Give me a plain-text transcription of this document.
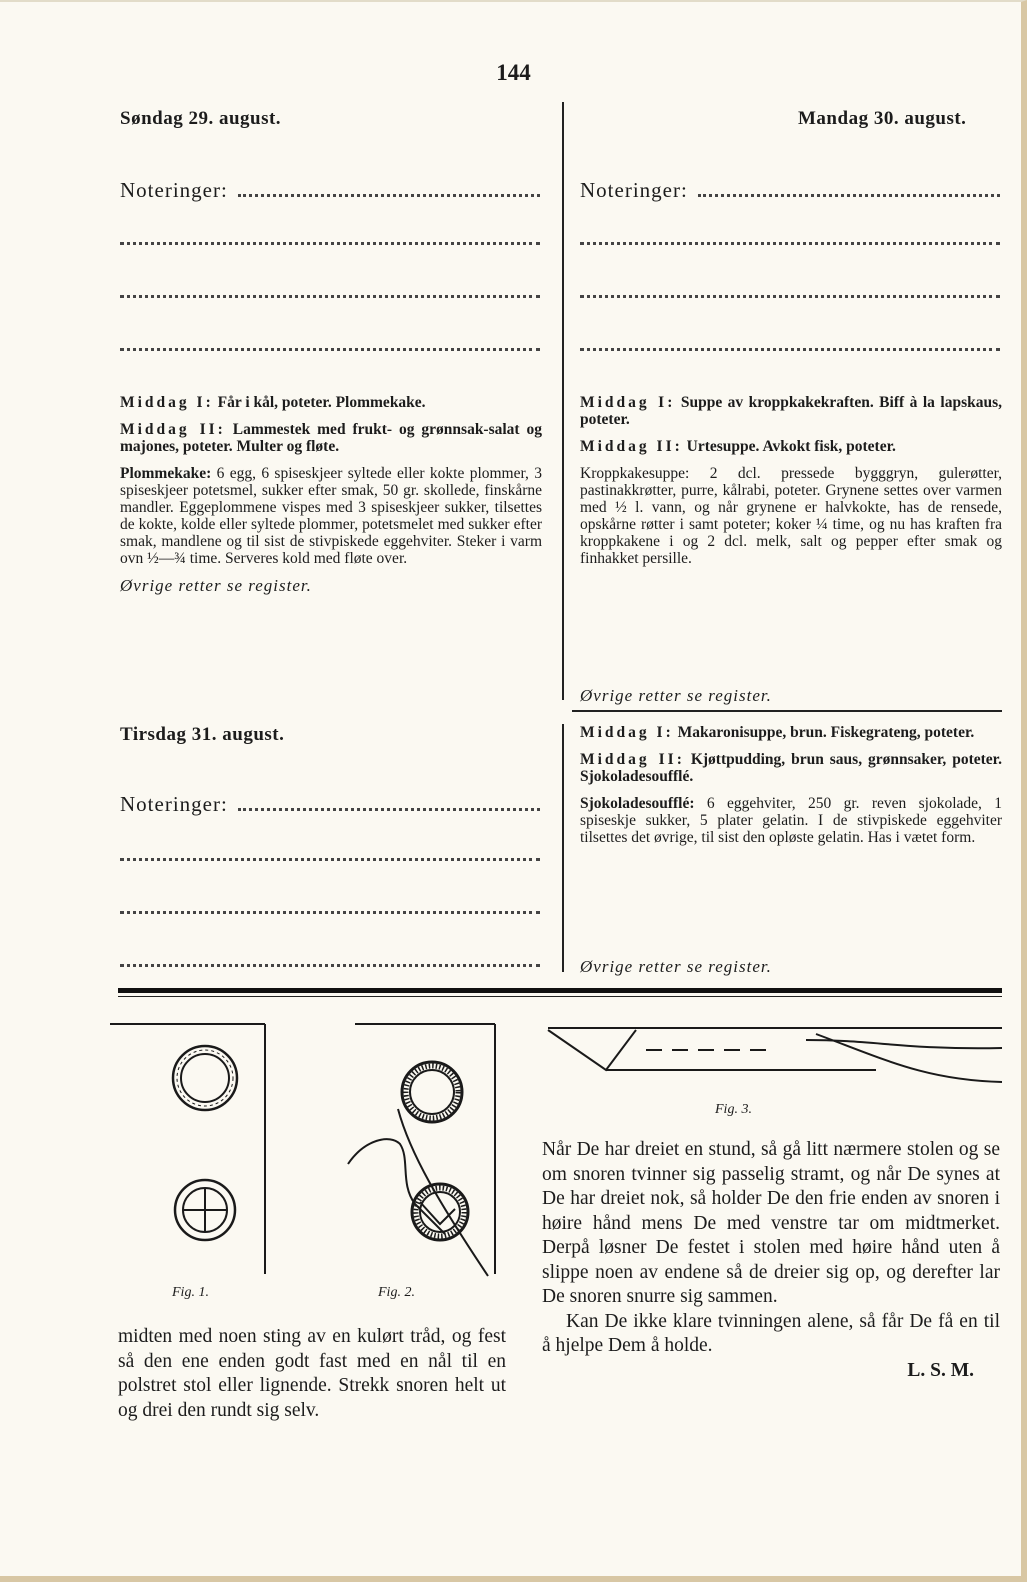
144
Søndag 29. august.
Noteringer:

Middag I: Får i kål, poteter. Plommekake.

Middag II: Lammestek med frukt- og grønnsak-salat og majones, poteter. Multer og fløte.

Plommekake: 6 egg, 6 spiseskjeer syltede eller kokte plommer, 3 spiseskjeer potetsmel, sukker efter smak, 50 gr. skollede, finskårne mandler. Eggeplommene vispes med 3 spiseskjeer sukker, tilsettes de kokte, kolde eller syltede plommer, potetsmelet med sukker efter smak, mandlene og til sist de stivpiskede eggehviter. Steker i varm ovn ½—¾ time. Serveres kold med fløte over.

Øvrige retter se register.

Mandag 30. august.
Noteringer:

Middag I: Suppe av kroppkakekraften. Biff à la lapskaus, poteter.

Middag II: Urtesuppe. Avkokt fisk, poteter.

Kroppkakesuppe: 2 dcl. pressede bygggryn, gulerøtter, pastinakkrøtter, purre, kålrabi, poteter. Grynene settes over varmen med ½ l. vann, og når grynene er halvkokte, has de rensede, opskårne røtter i samt poteter; koker ¼ time, og nu has kraften fra kroppkakene i og 2 dcl. melk, salt og pepper efter smak og finhakket persille.

Øvrige retter se register.
Tirsdag 31. august.
Noteringer:

Middag I: Makaronisuppe, brun. Fiskegrateng, poteter.

Middag II: Kjøttpudding, brun saus, grønnsaker, poteter. Sjokoladesoufflé.

Sjokoladesoufflé: 6 eggehviter, 250 gr. reven sjokolade, 1 spiseskje sukker, 5 plater gelatin. I de stivpiskede eggehviter tilsettes det øvrige, til sist den opløste gelatin. Has i vætet form.

Øvrige retter se register.
Fig. 1.	Fig. 2.
Fig. 3.

midten med noen sting av en kulørt tråd, og fest så den ene enden godt fast med en nål til en polstret stol eller lignende. Strekk snoren helt ut og drei den rundt sig selv.

Når De har dreiet en stund, så gå litt nærmere stolen og se om snoren tvinner sig passelig stramt, og når De synes at De har dreiet nok, så holder De den frie enden av snoren i høire hånd mens De med venstre tar om midtmerket. Derpå løsner De festet i stolen med høire hånd uten å slippe noen av endene så de dreier sig op, og derefter lar De snoren snurre sig sammen.

Kan De ikke klare tvinningen alene, så får De få en til å hjelpe Dem å holde.

L. S. M.
